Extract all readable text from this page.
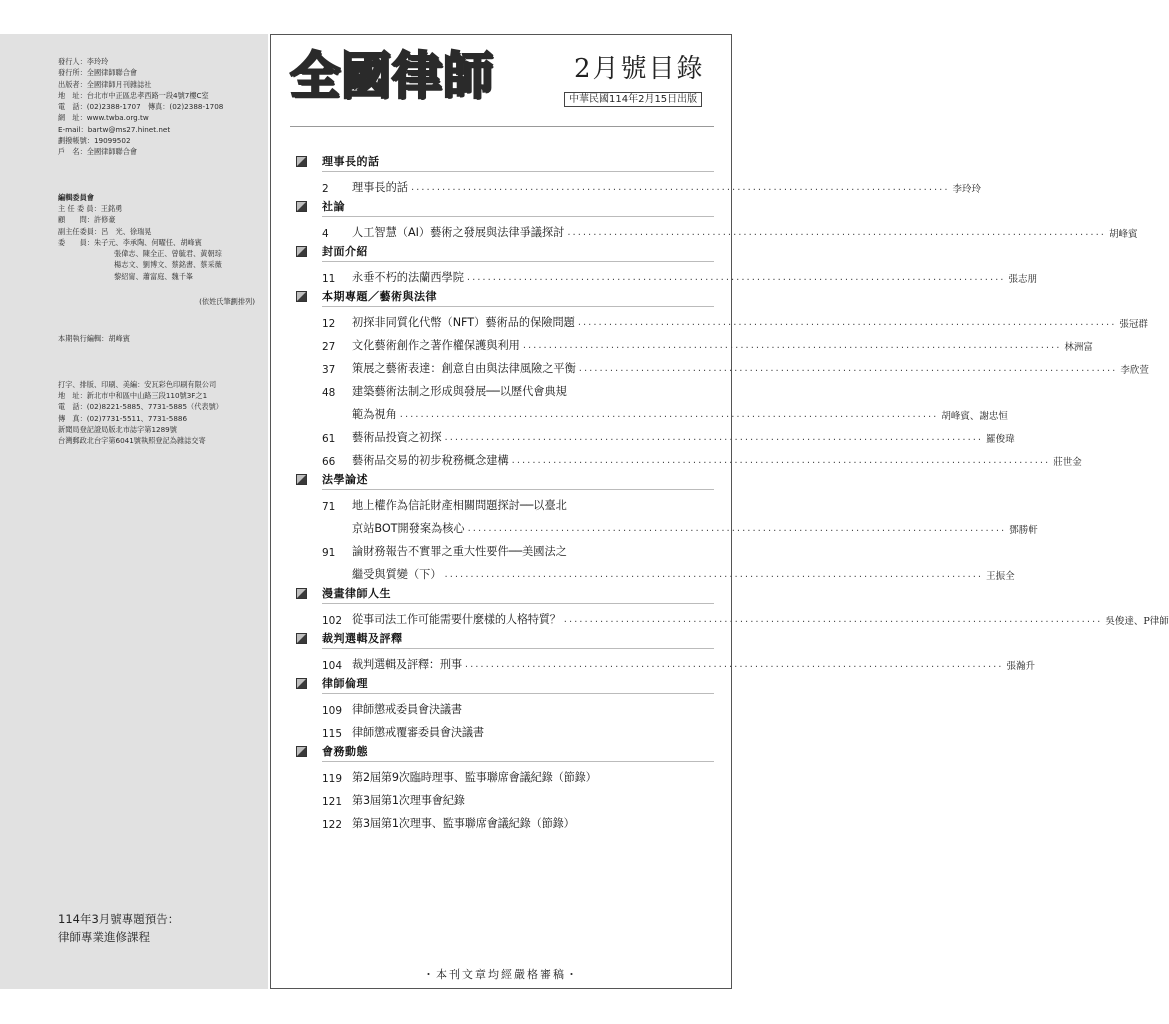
發行人：李玲玲
發行所：全國律師聯合會
出版者：全國律師月刊雜誌社
地　址：台北市中正區忠孝西路一段4號7樓C室
電　話：(02)2388-1707　傳真：(02)2388-1708
網　址：www.twba.org.tw
E-mail：bartw@ms27.hinet.net
劃撥帳號：19099502
戶　名：全國律師聯合會
編輯委員會
主 任 委 員：王銘勇
顧　　問：許修豪
副主任委員：呂　光、徐瑞晃
委　　員：朱子元、李承陶、何曜任、胡峰賓
張偉志、陳全正、曾毓君、黃朝琮
楊志文、劉博文、蔡銘書、蔡采薇
黎紹甯、蕭富庭、魏千峯
(依姓氏筆劃排列)
本期執行編輯：胡峰賓
打字、排版、印刷、美編：安瓦彩色印刷有限公司
地　址：新北市中和區中山路三段110號3F之1
電　話：(02)8221-5885、7731-5885（代表號）
傳　真：(02)7731-5511、7731-5886
新聞局登記證局版北市誌字第1289號
台灣郵政北台字第6041號執照登記為雜誌交寄
114年3月號專題預告：
律師專業進修課程
全國律師	2月號目錄
中華民國114年2月15日出版
理事長的話
2	理事長的話 ........................................................................................................ 李玲玲
社論
4	人工智慧（AI）藝術之發展與法律爭議探討 ........................................................................................................ 胡峰賓
封面介紹
11	永垂不朽的法蘭西學院 ........................................................................................................ 張志朋
本期專題／藝術與法律
12	初探非同質化代幣（NFT）藝術品的保險問題 ........................................................................................................ 張冠群
27	文化藝術創作之著作權保護與利用 ........................................................................................................ 林洲富
37	策展之藝術表達：創意自由與法律風險之平衡 ........................................................................................................ 李欣萱
48	建築藝術法制之形成與發展──以歷代會典規
範為視角 ........................................................................................................ 胡峰賓、謝忠恒
61	藝術品投資之初探 ........................................................................................................ 羅俊瑋
66	藝術品交易的初步稅務概念建構 ........................................................................................................ 莊世金
法學論述
71	地上權作為信託財產相關問題探討──以臺北
京站BOT開發案為核心 ........................................................................................................ 鄧勝軒
91	論財務報告不實罪之重大性要件──美國法之
繼受與質變（下） ........................................................................................................ 王振全
漫畫律師人生
102 從事司法工作可能需要什麼樣的人格特質？ ........................................................................................................ 吳俊達、P律師
裁判選輯及評釋
104 裁判選輯及評釋：刑事 ........................................................................................................ 張瀚升
律師倫理
109 律師懲戒委員會決議書
115 律師懲戒覆審委員會決議書
會務動態
119 第2屆第9次臨時理事、監事聯席會議紀錄（節錄）
121 第3屆第1次理事會紀錄
122 第3屆第1次理事、監事聯席會議紀錄（節錄）
・本刊文章均經嚴格審稿・
